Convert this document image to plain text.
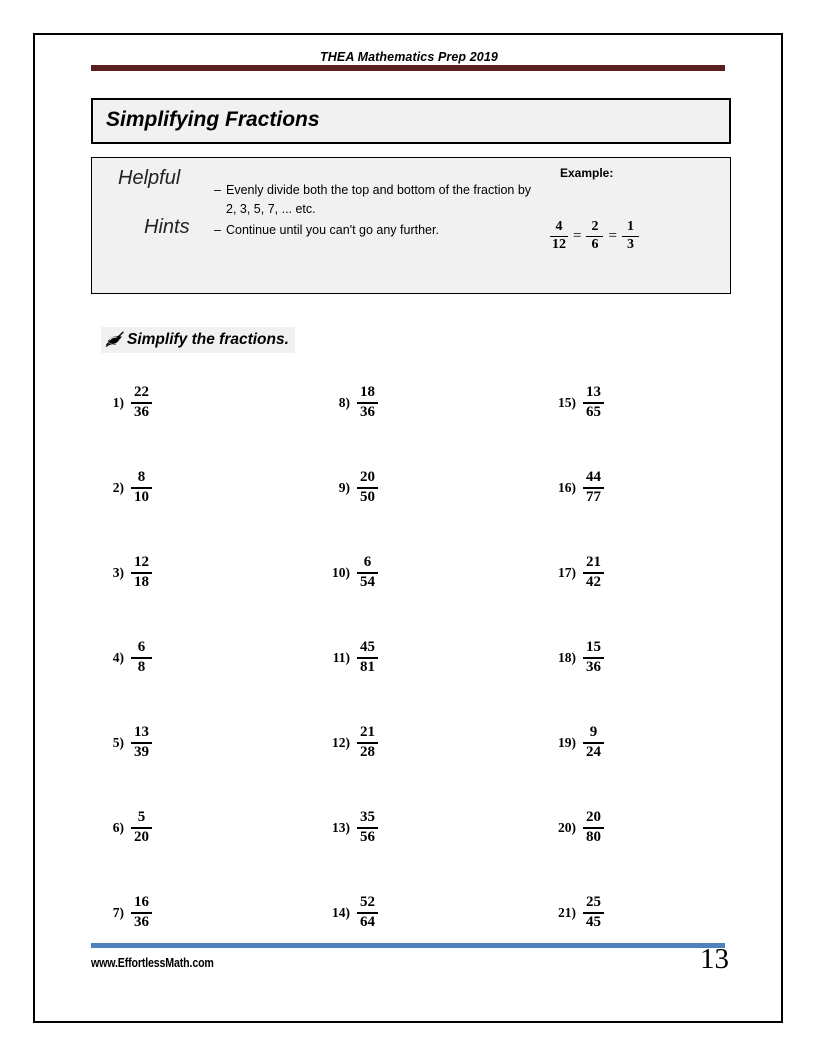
THEA Mathematics Prep 2019
Simplifying Fractions
Helpful
Hints
– Evenly divide both the top and bottom of the fraction by 2, 3, 5, 7, ... etc.
– Continue until you can't go any further.
Example:
$\frac{4}{12} = \frac{2}{6} = \frac{1}{3}$
Simplify the fractions.
$1) \frac{22}{36}$
$2) \frac{8}{10}$
$3) \frac{12}{18}$
$4) \frac{6}{8}$
$5) \frac{13}{39}$
$6) \frac{5}{20}$
$7) \frac{16}{36}$
$8) \frac{18}{36}$
$9) \frac{20}{50}$
$10) \frac{6}{54}$
$11) \frac{45}{81}$
$12) \frac{21}{28}$
$13) \frac{35}{56}$
$14) \frac{52}{64}$
$15) \frac{13}{65}$
$16) \frac{44}{77}$
$17) \frac{21}{42}$
$18) \frac{15}{36}$
$19) \frac{9}{24}$
$20) \frac{20}{80}$
$21) \frac{25}{45}$
www.EffortlessMath.com	13
